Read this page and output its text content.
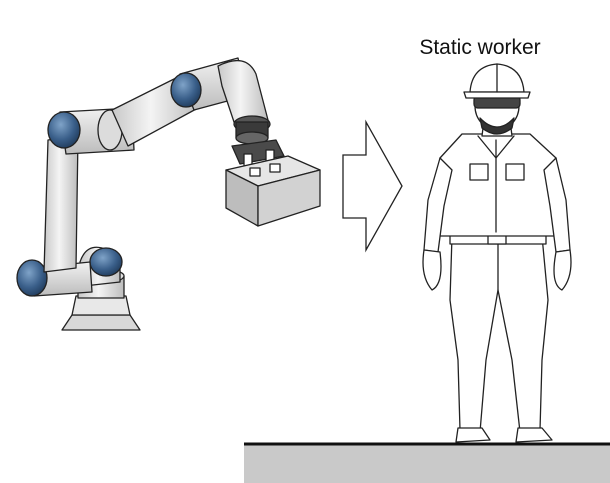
Static worker
